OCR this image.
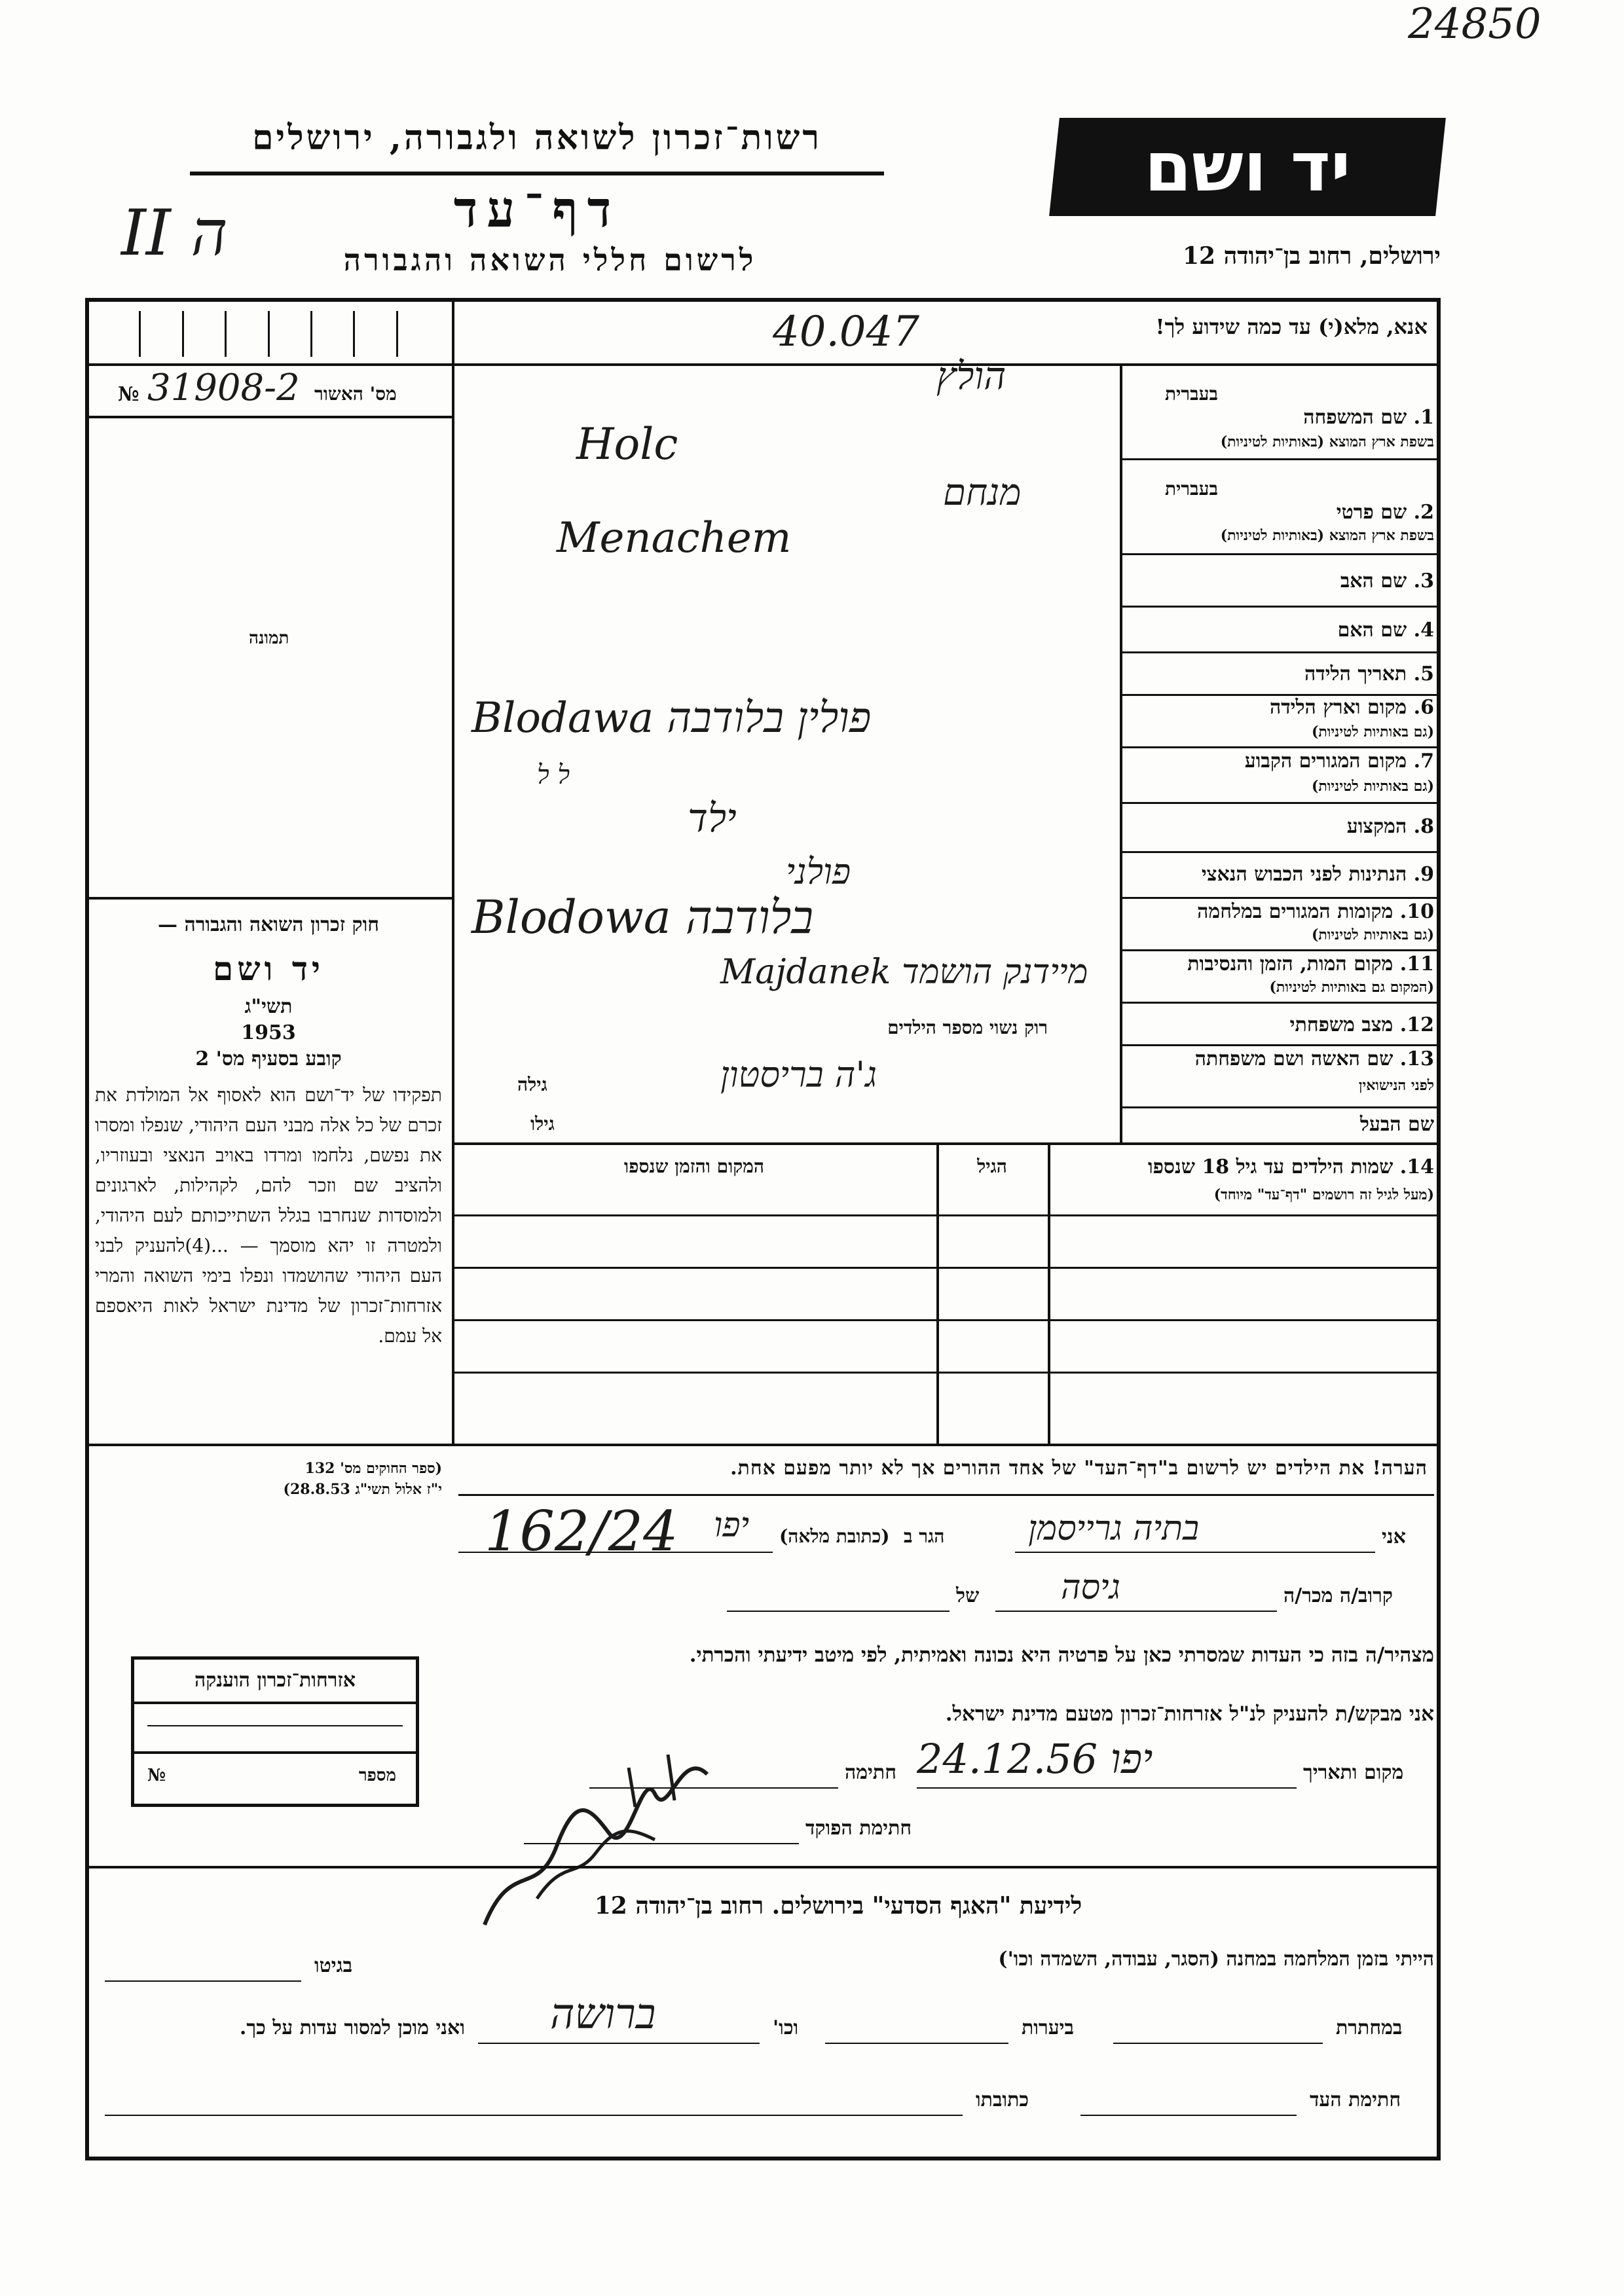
24850
רשות־זכרון לשואה ולגבורה, ירושלים
דף־עד
לרשום חללי השואה והגבורה
II ה
יד ושם
ירושלים, רחוב בן־יהודה 12
אנא, מלא(י) עד כמה שידוע לך!
40.047
מס' האשור
№ 31908-2
תמונה
חוק זכרון השואה והגבורה —
יד ושם
תשי"ג
1953
קובע בסעיף מס' 2
תפקידו של יד־ושם הוא לאסוף אל המולדת את זכרם של כל אלה מבני העם היהודי, שנפלו ומסרו את נפשם, נלחמו ומרדו באויב הנאצי ובעוזריו, ולהציב שם וזכר להם, לקהילות, לארגונים ולמוסדות שנחרבו בגלל השתייכותם לעם היהודי, ולמטרה זו יהא מוסמך — ...(4)להעניק לבני העם היהודי שהושמדו ונפלו בימי השואה והמרי אזרחות־זכרון של מדינת ישראל לאות היאספם אל עמם.
(ספר החוקים מס' 132
י"ז אלול תשי"ג 28.8.53)
בעברית
1. שם המשפחה
בשפת ארץ המוצא (באותיות לטיניות)
הולץ
Holc
בעברית
2. שם פרטי
בשפת ארץ המוצא (באותיות לטיניות)
מנחם
Menachem
3. שם האב
4. שם האם
5. תאריך הלידה
6. מקום וארץ הלידה
(גם באותיות לטיניות)
Blodawa פולין בלודבה
7. מקום המגורים הקבוע
(גם באותיות לטיניות)
ל ל
8. המקצוע
ילד
9. הנתינות לפני הכבוש הנאצי
פולני
10. מקומות המגורים במלחמה
(גם באותיות לטיניות)
Blodowa בלודבה
11. מקום המות, הזמן והנסיבות
(המקום גם באותיות לטיניות)
Majdanek מיידנק הושמד
12. מצב משפחתי
רוק נשוי מספר הילדים
13. שם האשה ושם משפחתה
לפני הנישואין
גילה	ג'ה בריסטון
שם הבעל
גילו
14. שמות הילדים עד גיל 18 שנספו
(מעל לגיל זה רושמים "דף־עד" מיוחד)
הגיל
המקום והזמן שנספו
הערה! את הילדים יש לרשום ב"דף־העד" של אחד ההורים אך לא יותר מפעם אחת.
אני
בתיה גרייסמן
הגר ב
(כתובת מלאה)
יפו
162/24
קרוב/ה מכר/ה
גיסה
של
מצהיר/ה בזה כי העדות שמסרתי כאן על פרטיה היא נכונה ואמיתית, לפי מיטב ידיעתי והכרתי.
אני מבקש/ת להעניק לנ"ל אזרחות־זכרון מטעם מדינת ישראל.
מקום ותאריך
יפו 24.12.56
חתימה
חתימת הפוקד
אזרחות־זכרון הוענקה
מספר
№
לידיעת "האגף הסדעי" בירושלים. רחוב בן־יהודה 12
הייתי בזמן המלחמה במחנה (הסגר, עבודה, השמדה וכו')
בגיטו
במחתרת
ביערות
וכו'
ברושה
ואני מוכן למסור עדות על כך.
חתימת העד
כתובתו
